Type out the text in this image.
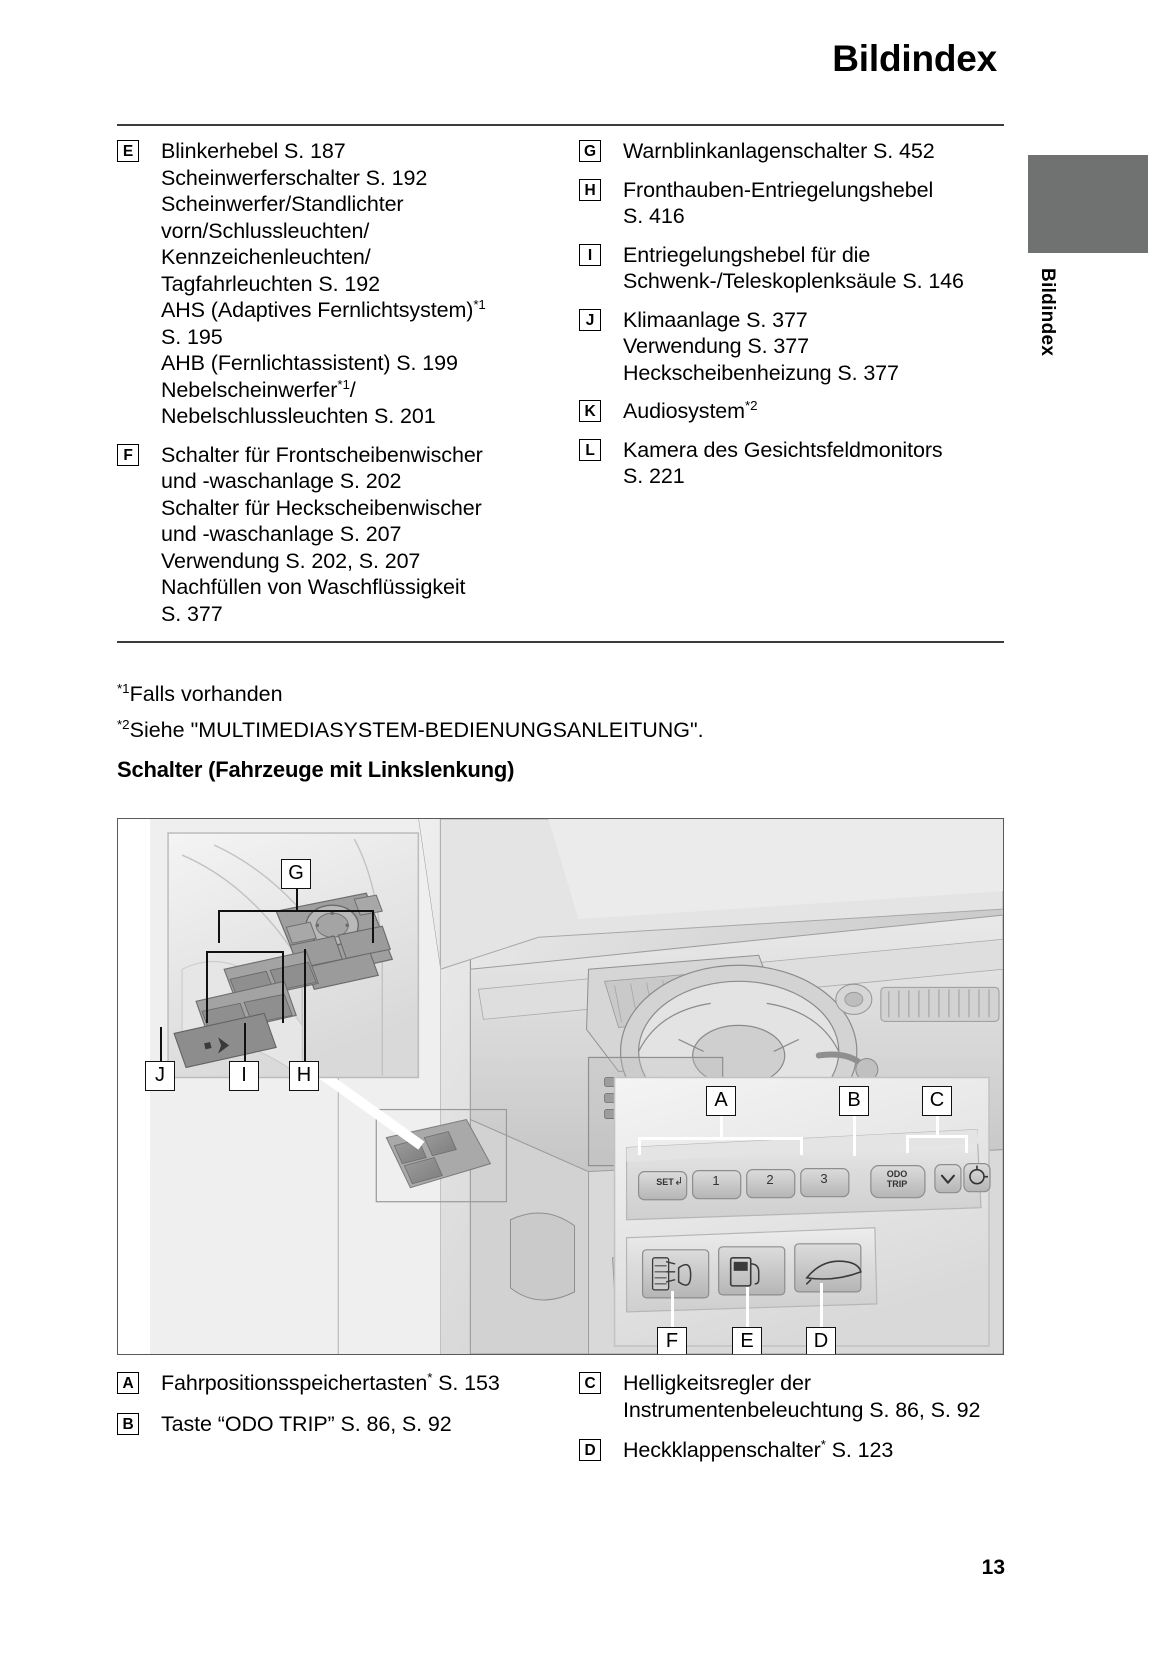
Bildindex
Bildindex
E Blinkerhebel S. 187
Scheinwerferschalter S. 192
Scheinwerfer/Standlichter
vorn/Schlussleuchten/
Kennzeichenleuchten/
Tagfahrleuchten S. 192
AHS (Adaptives Fernlichtsystem)$^{*1}$
S. 195
AHB (Fernlichtassistent) S. 199
Nebelscheinwerfer$^{*1}$/
Nebelschlussleuchten S. 201
F Schalter für Frontscheibenwischer
und -waschanlage S. 202
Schalter für Heckscheibenwischer
und -waschanlage S. 207
Verwendung S. 202, S. 207
Nachfüllen von Waschflüssigkeit
S. 377
G Warnblinkanlagenschalter S. 452
H Fronthauben-Entriegelungshebel
S. 416
I	Entriegelungshebel für die
Schwenk-/Teleskoplenksäule S. 146
J	Klimaanlage S. 377
Verwendung S. 377
Heckscheibenheizung S. 377
K Audiosystem$^{*2}$
L Kamera des Gesichtsfeldmonitors
S. 221
$^{*1}$Falls vorhanden
$^{*2}$Siehe "MULTIMEDIASYSTEM-BEDIENUNGSANLEITUNG".
Schalter (Fahrzeuge mit Linkslenkung)
G
J	I	H
A	B	C
F	E	D
SET ↲	1	2	3	ODO
TRIP
A Fahrpositionsspeichertasten* S. 153
B Taste “ODO TRIP” S. 86, S. 92
C Helligkeitsregler der
Instrumentenbeleuchtung S. 86, S. 92
D Heckklappenschalter* S. 123
13
